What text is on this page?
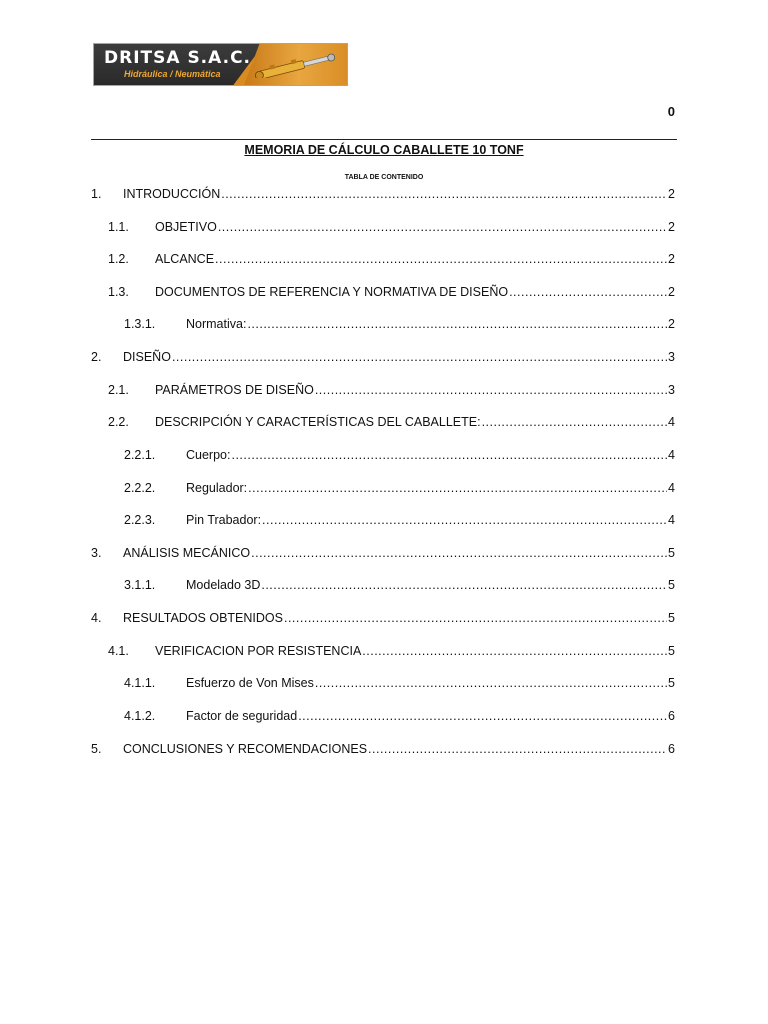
DRITSA S.A.C.
Hidráulica / Neumática
0
MEMORIA DE CÁLCULO CABALLETE 10 TONF
TABLA DE CONTENIDO
1.	INTRODUCCIÓN .....	2
1.1.	OBJETIVO .....	2
1.2.	ALCANCE .....	2
1.3.	DOCUMENTOS DE REFERENCIA Y NORMATIVA DE DISEÑO .....	2
1.3.1.	Normativa: .....	2
2.	DISEÑO .....	3
2.1.	PARÁMETROS DE DISEÑO .....	3
2.2.	DESCRIPCIÓN Y CARACTERÍSTICAS DEL CABALLETE: .....	4
2.2.1.	Cuerpo: .....	4
2.2.2.	Regulador: .....	4
2.2.3.	Pin Trabador: .....	4
3.	ANÁLISIS MECÁNICO .....	5
3.1.1.	Modelado 3D .....	5
4.	RESULTADOS OBTENIDOS .....	5
4.1.	VERIFICACION POR RESISTENCIA .....	5
4.1.1.	Esfuerzo de Von Mises .....	5
4.1.2.	Factor de seguridad .....	6
5.	CONCLUSIONES Y RECOMENDACIONES .....	6
